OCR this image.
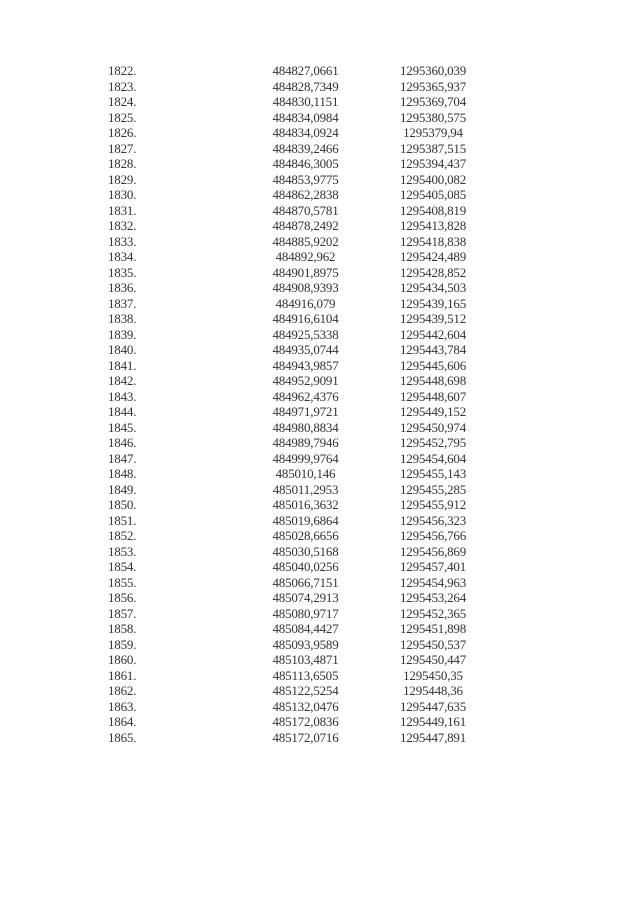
1822.	484827,0661	1295360,039
1823.	484828,7349	1295365,937
1824.	484830,1151	1295369,704
1825.	484834,0984	1295380,575
1826.	484834,0924	1295379,94
1827.	484839,2466	1295387,515
1828.	484846,3005	1295394,437
1829.	484853,9775	1295400,082
1830.	484862,2838	1295405,085
1831.	484870,5781	1295408,819
1832.	484878,2492	1295413,828
1833.	484885,9202	1295418,838
1834.	484892,962	1295424,489
1835.	484901,8975	1295428,852
1836.	484908,9393	1295434,503
1837.	484916,079	1295439,165
1838.	484916,6104	1295439,512
1839.	484925,5338	1295442,604
1840.	484935,0744	1295443,784
1841.	484943,9857	1295445,606
1842.	484952,9091	1295448,698
1843.	484962,4376	1295448,607
1844.	484971,9721	1295449,152
1845.	484980,8834	1295450,974
1846.	484989,7946	1295452,795
1847.	484999,9764	1295454,604
1848.	485010,146	1295455,143
1849.	485011,2953	1295455,285
1850.	485016,3632	1295455,912
1851.	485019,6864	1295456,323
1852.	485028,6656	1295456,766
1853.	485030,5168	1295456,869
1854.	485040,0256	1295457,401
1855.	485066,7151	1295454,963
1856.	485074,2913	1295453,264
1857.	485080,9717	1295452,365
1858.	485084,4427	1295451,898
1859.	485093,9589	1295450,537
1860.	485103,4871	1295450,447
1861.	485113,6505	1295450,35
1862.	485122,5254	1295448,36
1863.	485132,0476	1295447,635
1864.	485172,0836	1295449,161
1865.	485172,0716	1295447,891
